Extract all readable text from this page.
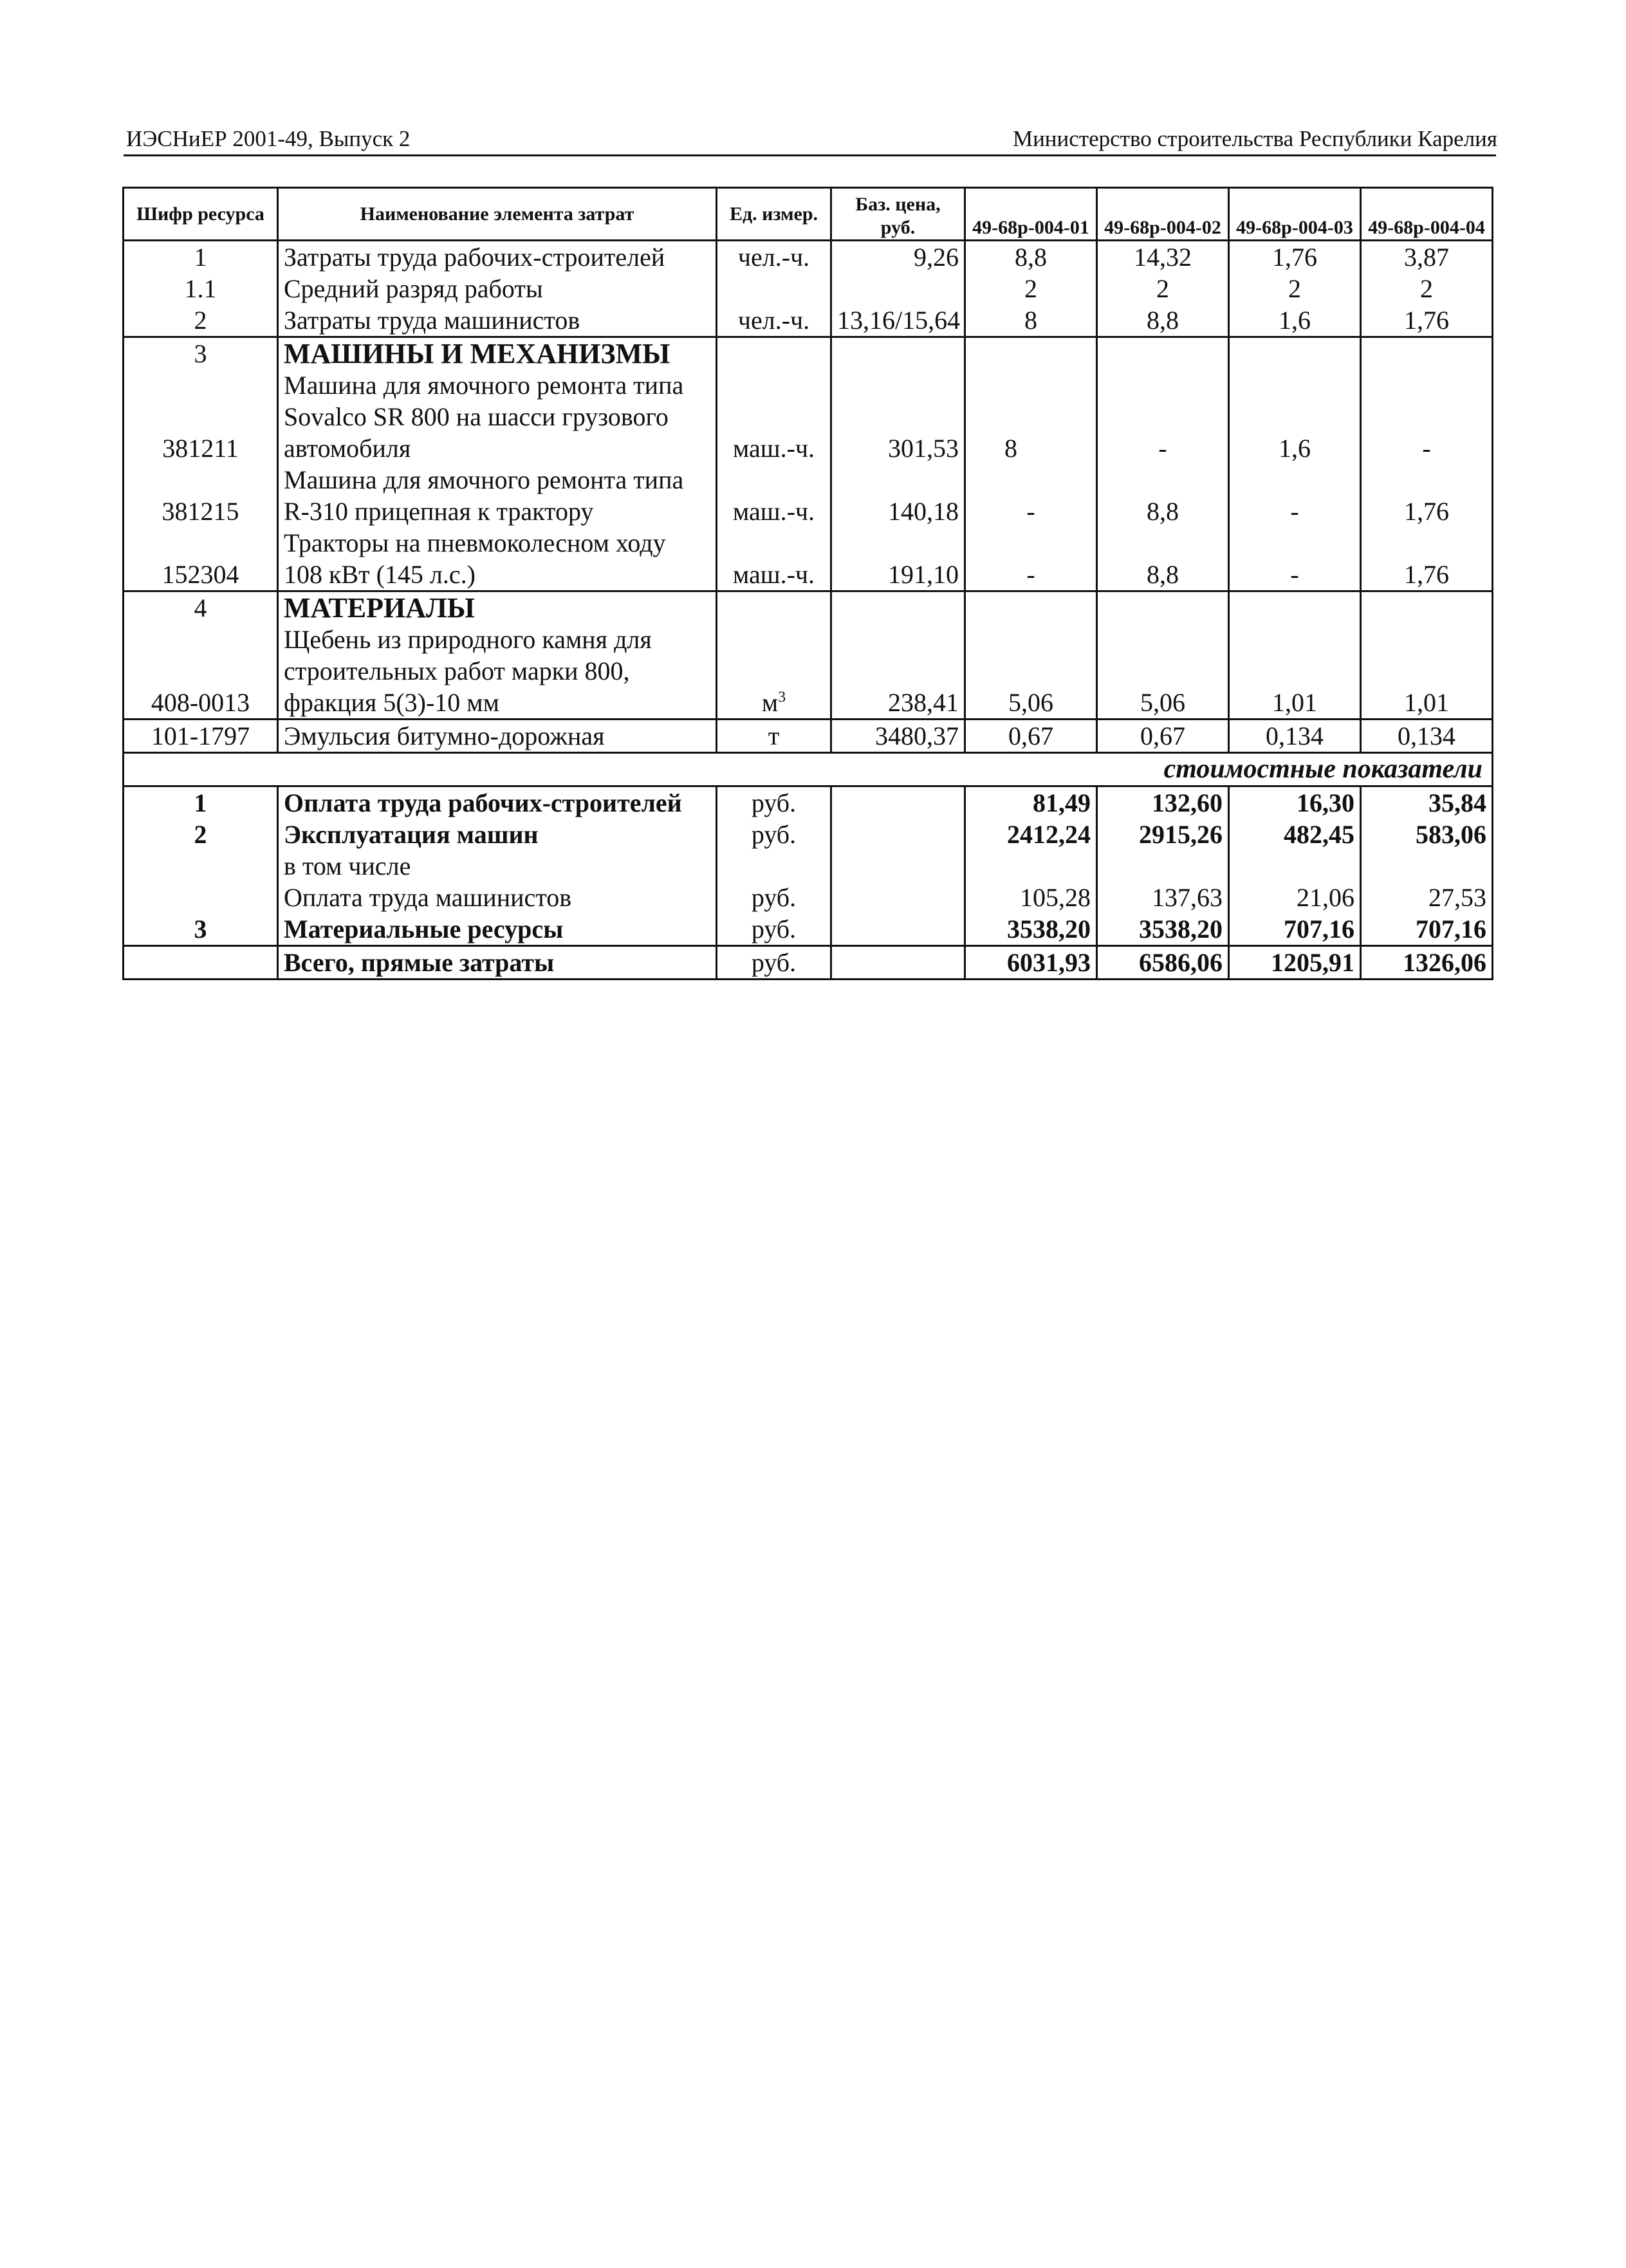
ИЭСНиЕР 2001-49, Выпуск 2	Министерство строительства Республики Карелия
Шифр ресурса	Наименование элемента затрат	Ед. измер.	Баз. цена, руб.	49-68р-004-01	49-68р-004-02	49-68р-004-03	49-68р-004-04
1	Затраты труда рабочих-строителей	чел.-ч.	9,26	8,8	14,32	1,76	3,87
1.1	Средний разряд работы			2	2	2	2
2	Затраты труда машинистов	чел.-ч.	13,16/15,64	8	8,8	1,6	1,76
3	МАШИНЫ И МЕХАНИЗМЫ						
	Машина для ямочного ремонта типа						
	Sovalco SR 800 на шасси грузового						
381211	автомобиля	маш.-ч.	301,53	8	-	1,6	-
	Машина для ямочного ремонта типа						
381215	R-310 прицепная к трактору	маш.-ч.	140,18	-	8,8	-	1,76
	Тракторы на пневмоколесном ходу						
152304	108 кВт (145 л.с.)	маш.-ч.	191,10	-	8,8	-	1,76
4	МАТЕРИАЛЫ						
	Щебень из природного камня для						
	строительных работ марки 800,						
408-0013	фракция 5(3)-10 мм	$м^3$	238,41	5,06	5,06	1,01	1,01
101-1797	Эмульсия битумно-дорожная	т	3480,37	0,67	0,67	0,134	0,134
стоимостные показатели							
1	Оплата труда рабочих-строителей	руб.		81,49	132,60	16,30	35,84
2	Эксплуатация машин	руб.		2412,24	2915,26	482,45	583,06
	в том числе						
	Оплата труда машинистов	руб.		105,28	137,63	21,06	27,53
3	Материальные ресурсы	руб.		3538,20	3538,20	707,16	707,16
	Всего, прямые затраты	руб.		6031,93	6586,06	1205,91	1326,06
